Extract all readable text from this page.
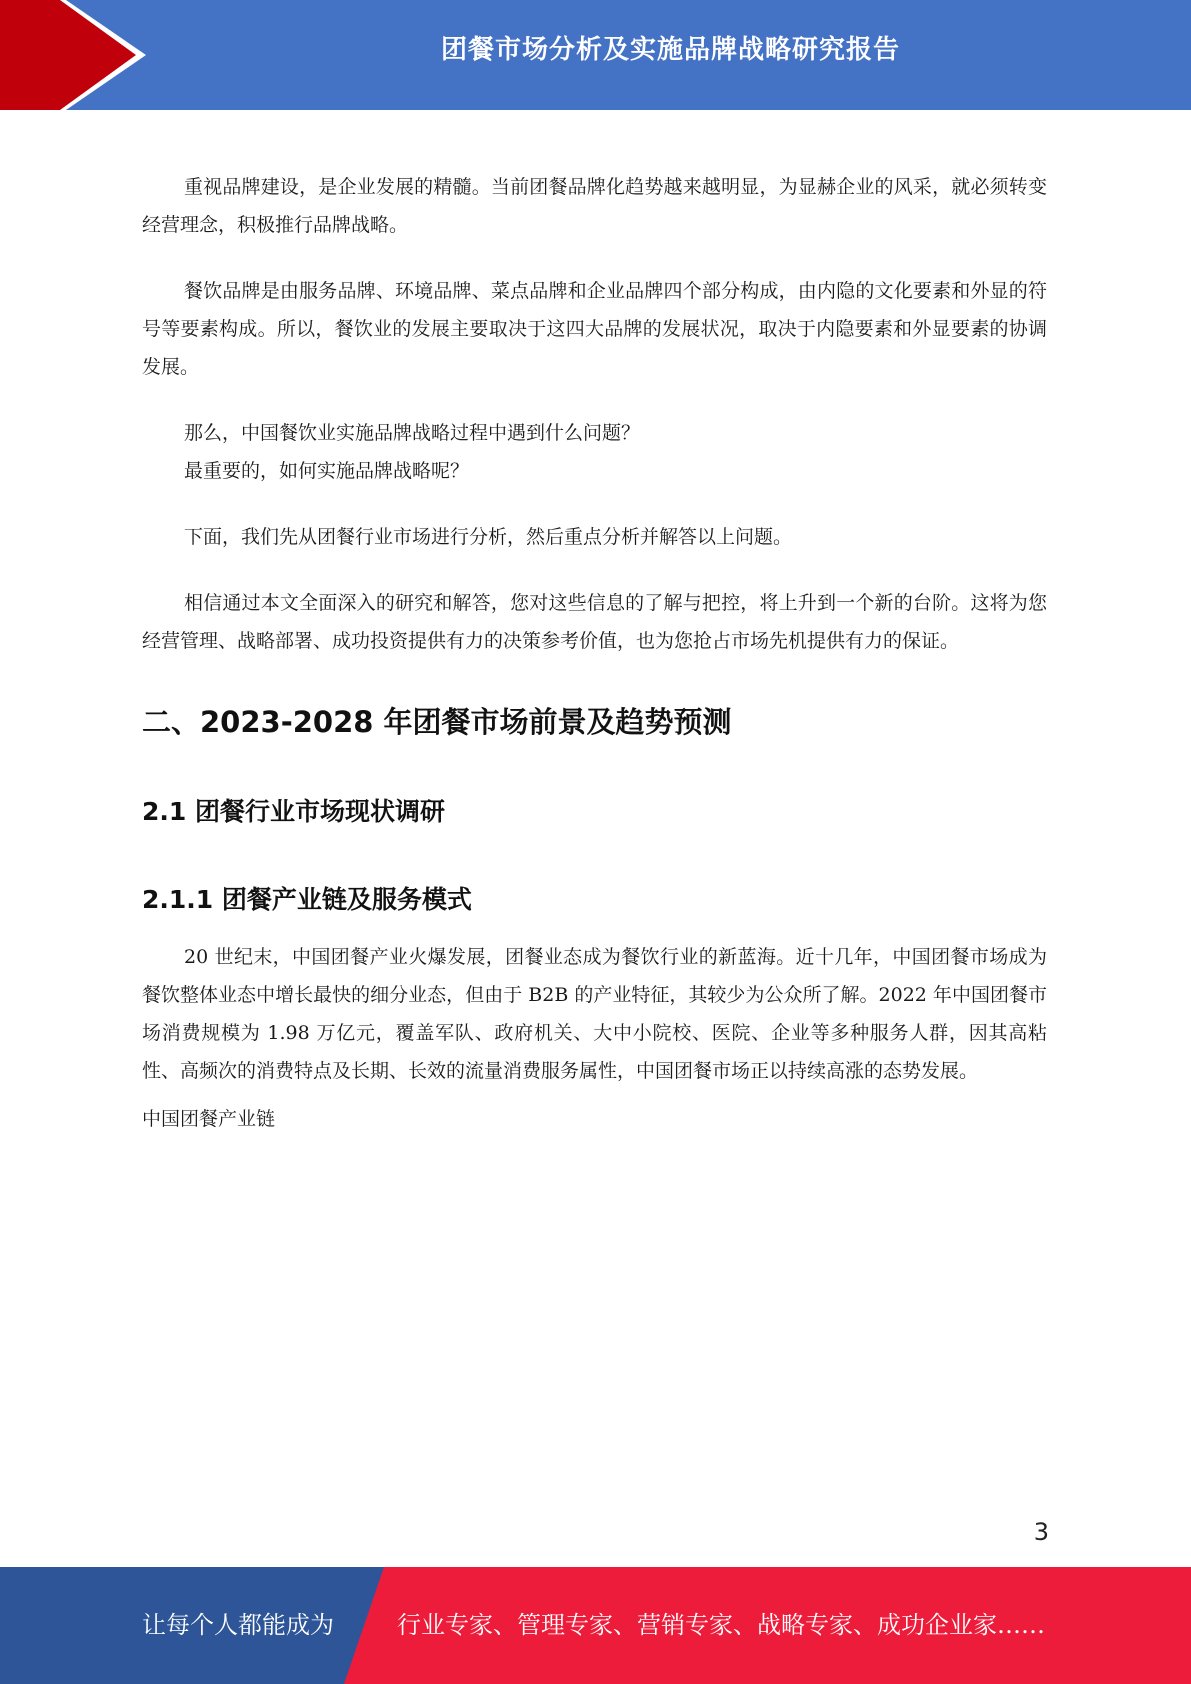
团餐市场分析及实施品牌战略研究报告

重视品牌建设，是企业发展的精髓。当前团餐品牌化趋势越来越明显，为显赫企业的风采，就必须转变经营理念，积极推行品牌战略。

餐饮品牌是由服务品牌、环境品牌、菜点品牌和企业品牌四个部分构成，由内隐的文化要素和外显的符号等要素构成。所以，餐饮业的发展主要取决于这四大品牌的发展状况，取决于内隐要素和外显要素的协调发展。

那么，中国餐饮业实施品牌战略过程中遇到什么问题？

最重要的，如何实施品牌战略呢？

下面，我们先从团餐行业市场进行分析，然后重点分析并解答以上问题。

相信通过本文全面深入的研究和解答，您对这些信息的了解与把控，将上升到一个新的台阶。这将为您经营管理、战略部署、成功投资提供有力的决策参考价值，也为您抢占市场先机提供有力的保证。

二、2023-2028 年团餐市场前景及趋势预测
2.1 团餐行业市场现状调研
2.1.1 团餐产业链及服务模式

20 世纪末，中国团餐产业火爆发展，团餐业态成为餐饮行业的新蓝海。近十几年，中国团餐市场成为餐饮整体业态中增长最快的细分业态，但由于 B2B 的产业特征，其较少为公众所了解。2022 年中国团餐市场消费规模为 1.98 万亿元，覆盖军队、政府机关、大中小院校、医院、企业等多种服务人群，因其高粘性、高频次的消费特点及长期、长效的流量消费服务属性，中国团餐市场正以持续高涨的态势发展。

中国团餐产业链

3
让每个人都能成为	行业专家、管理专家、营销专家、战略专家、成功企业家……
